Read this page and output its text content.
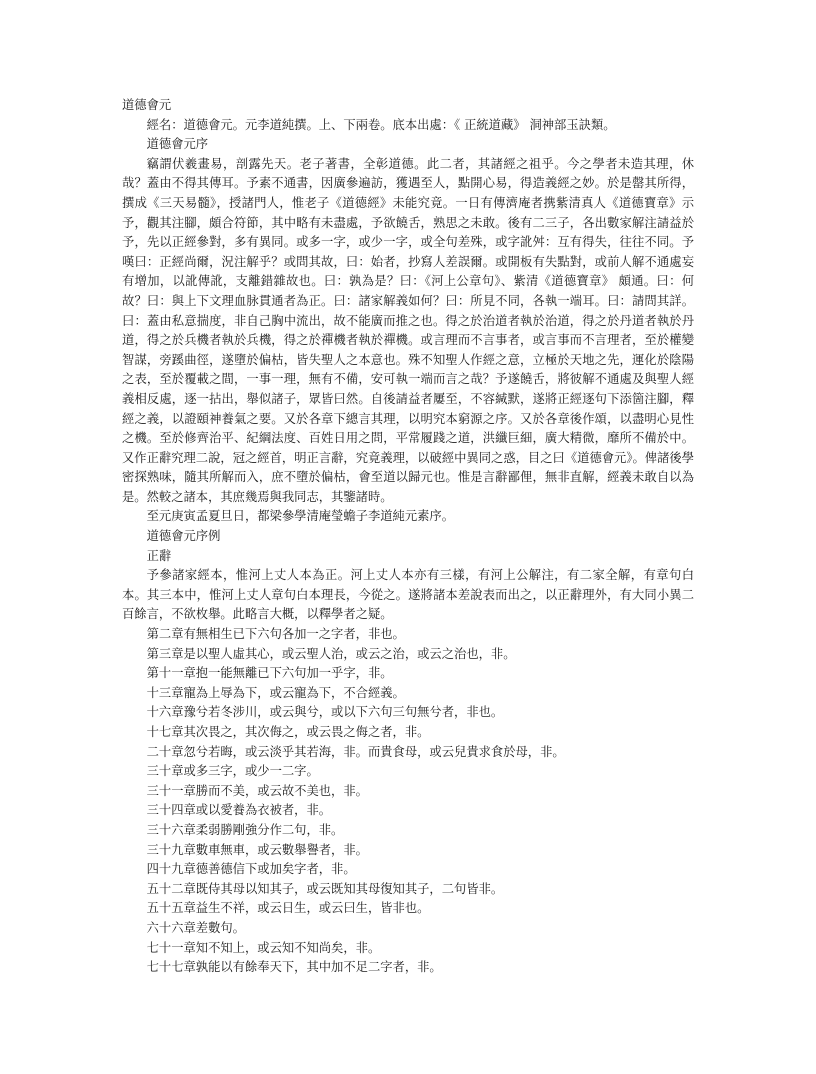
道德會元

經名：道德會元。元李道純撰。上、下兩卷。底本出處：《 正統道藏》 洞神部玉訣類。

道德會元序

竊謂伏羲畫易，剖露先天。老子著書，全彰道德。此二者，其諸經之祖乎。今之學者未造其理，休哉？蓋由不得其傳耳。予素不通書，因廣參遍訪，獲遇至人，點開心易，得造義經之妙。於是罄其所得，撰成《三天易髓》，授諸門人，惟老子《道德經》未能究竟。一日有傳濟庵者携紫清真人《道德寶章》示予，觀其注腳，頗合符節，其中略有未盡處，予欲饒舌，熟思之未敢。後有二三子，各出數家解注請益於予，先以正經參對，多有異同。或多一字，或少一字，或全句差殊，或字訛舛：互有得失，往往不同。予嘆曰：正經尚爾，況注解乎？或問其故，曰：始者，抄寫人差誤爾。或開板有失點對，或前人解不通處妄有增加，以訛傳訛，支離錯雜故也。曰：孰為是？曰：《河上公章句》、紫清《道德寶章》 頗通。曰：何故？曰：與上下文理血脉貫通者為正。曰：諸家解義如何？曰：所見不同，各執一端耳。曰：請問其詳。曰：蓋由私意揣度，非自己胸中流出，故不能廣而推之也。得之於治道者執於治道，得之於丹道者執於丹道，得之於兵機者執於兵機，得之於禪機者執於禪機。或言理而不言事者，或言事而不言理者，至於權變智謀，旁蹊曲徑，遂墮於偏枯，皆失聖人之本意也。殊不知聖人作經之意，立極於天地之先，運化於陰陽之表，至於覆載之間，一事一理，無有不備，安可執一端而言之哉？予遂饒舌，將彼解不通處及與聖人經義相反處，逐一拈出，舉似諸子，眾皆曰然。自後請益者屢至，不容緘默，遂將正經逐句下添箇注腳，釋經之義，以證頤神養氣之要。又於各章下總言其理，以明究本窮源之序。又於各章後作頌，以盡明心見性之機。至於修齊治平、紀綱法度、百姓日用之問，平常履踐之道，洪纖巨細，廣大精微，靡所不備於中。又作正辭究理二說，冠之經首，明正言辭，究竟義理，以破經中異同之惑，目之曰《道德會元》。俾諸後學密探熟味，隨其所解而入，庶不墮於偏枯，會至道以歸元也。惟是言辭鄙俚，無非直解，經義未敢自以為是。然較之諸本，其庶幾焉與我同志，其鑒諸時。

至元庚寅孟夏旦日，都梁參學清庵瑩蟾子李道純元素序。

道德會元序例

正辭

予參諸家經本，惟河上丈人本為正。河上丈人本亦有三樣，有河上公解注，有二家全解，有章句白本。其三本中，惟河上丈人章句白本理長，今從之。遂將諸本差說表而出之，以正辭理外，有大同小異二百餘言，不欲枚舉。此略言大概，以釋學者之疑。

第二章有無相生已下六句各加一之字者，非也。

第三章是以聖人虛其心，或云聖人治，或云之治，或云之治也，非。

第十一章抱一能無離已下六句加一乎字，非。

十三章寵為上辱為下，或云寵為下，不合經義。

十六章豫兮若冬涉川，或云與兮，或以下六句三句無兮者，非也。

十七章其次畏之，其次侮之，或云畏之侮之者，非。

二十章忽兮若晦，或云淡乎其若海，非。而貴食母，或云兒貴求食於母，非。

三十章或多三字，或少一二字。

三十一章勝而不美，或云故不美也，非。

三十四章或以愛養為衣被者，非。

三十六章柔弱勝剛強分作二句，非。

三十九章數車無車，或云數舉譽者，非。

四十九章德善德信下或加矣字者，非。

五十二章既侍其母以知其子，或云既知其母復知其子，二句皆非。

五十五章益生不祥，或云日生，或云曰生，皆非也。

六十六章差數句。

七十一章知不知上，或云知不知尚矣，非。

七十七章孰能以有餘奉天下，其中加不足二字者，非。
